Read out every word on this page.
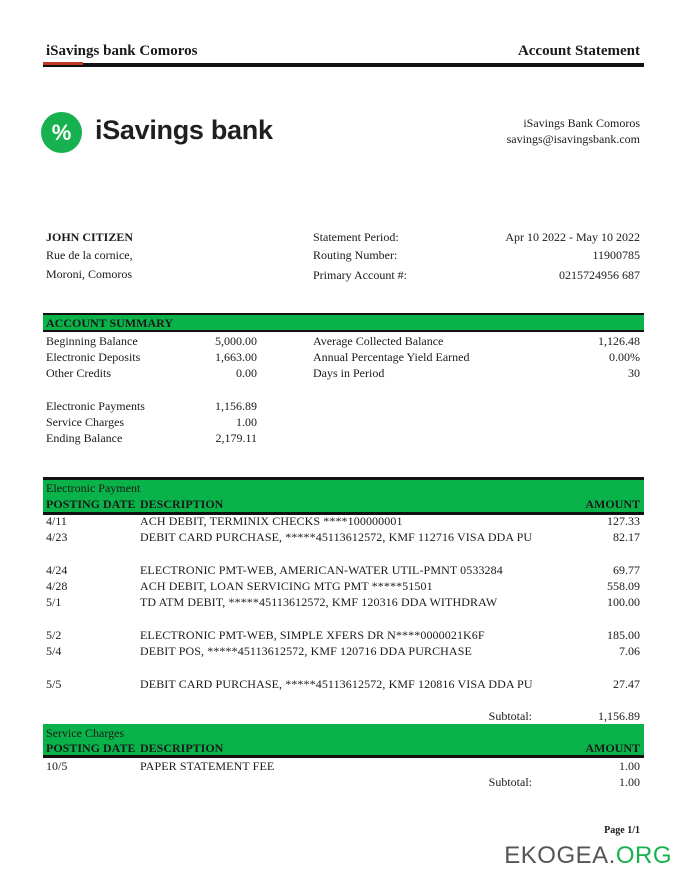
iSavings bank Comoros	Account Statement
% iSavings bank	iSavings Bank Comoros
savings@isavingsbank.com
JOHN CITIZEN
Rue de la cornice,
Moroni, Comoros
Statement Period:	Apr 10 2022 - May 10 2022
Routing Number:	11900785
Primary Account #:	0215724956 687
ACCOUNT SUMMARY
Beginning Balance	5,000.00
Electronic Deposits	1,663.00
Other Credits	0.00
Electronic Payments	1,156.89
Service Charges	1.00
Ending Balance	2,179.11
Average Collected Balance	1,126.48
Annual Percentage Yield Earned	0.00%
Days in Period	30
Electronic Payment
POSTING DATE DESCRIPTION	AMOUNT
4/11	ACH DEBIT, TERMINIX CHECKS ****100000001	127.33
4/23	DEBIT CARD PURCHASE, *****45113612572, KMF 112716 VISA DDA PU	82.17
4/24	ELECTRONIC PMT-WEB, AMERICAN-WATER UTIL-PMNT 0533284	69.77
4/28	ACH DEBIT, LOAN SERVICING MTG PMT *****51501	558.09
5/1	TD ATM DEBIT, *****45113612572, KMF 120316 DDA WITHDRAW	100.00
5/2	ELECTRONIC PMT-WEB, SIMPLE XFERS DR N****0000021K6F	185.00
5/4	DEBIT POS, *****45113612572, KMF 120716 DDA PURCHASE	7.06
5/5	DEBIT CARD PURCHASE, *****45113612572, KMF 120816 VISA DDA PU	27.47
Subtotal:	1,156.89
Service Charges
POSTING DATE DESCRIPTION	AMOUNT
10/5	PAPER STATEMENT FEE	1.00
Subtotal:	1.00
Page 1/1
EKOGEA.ORG
